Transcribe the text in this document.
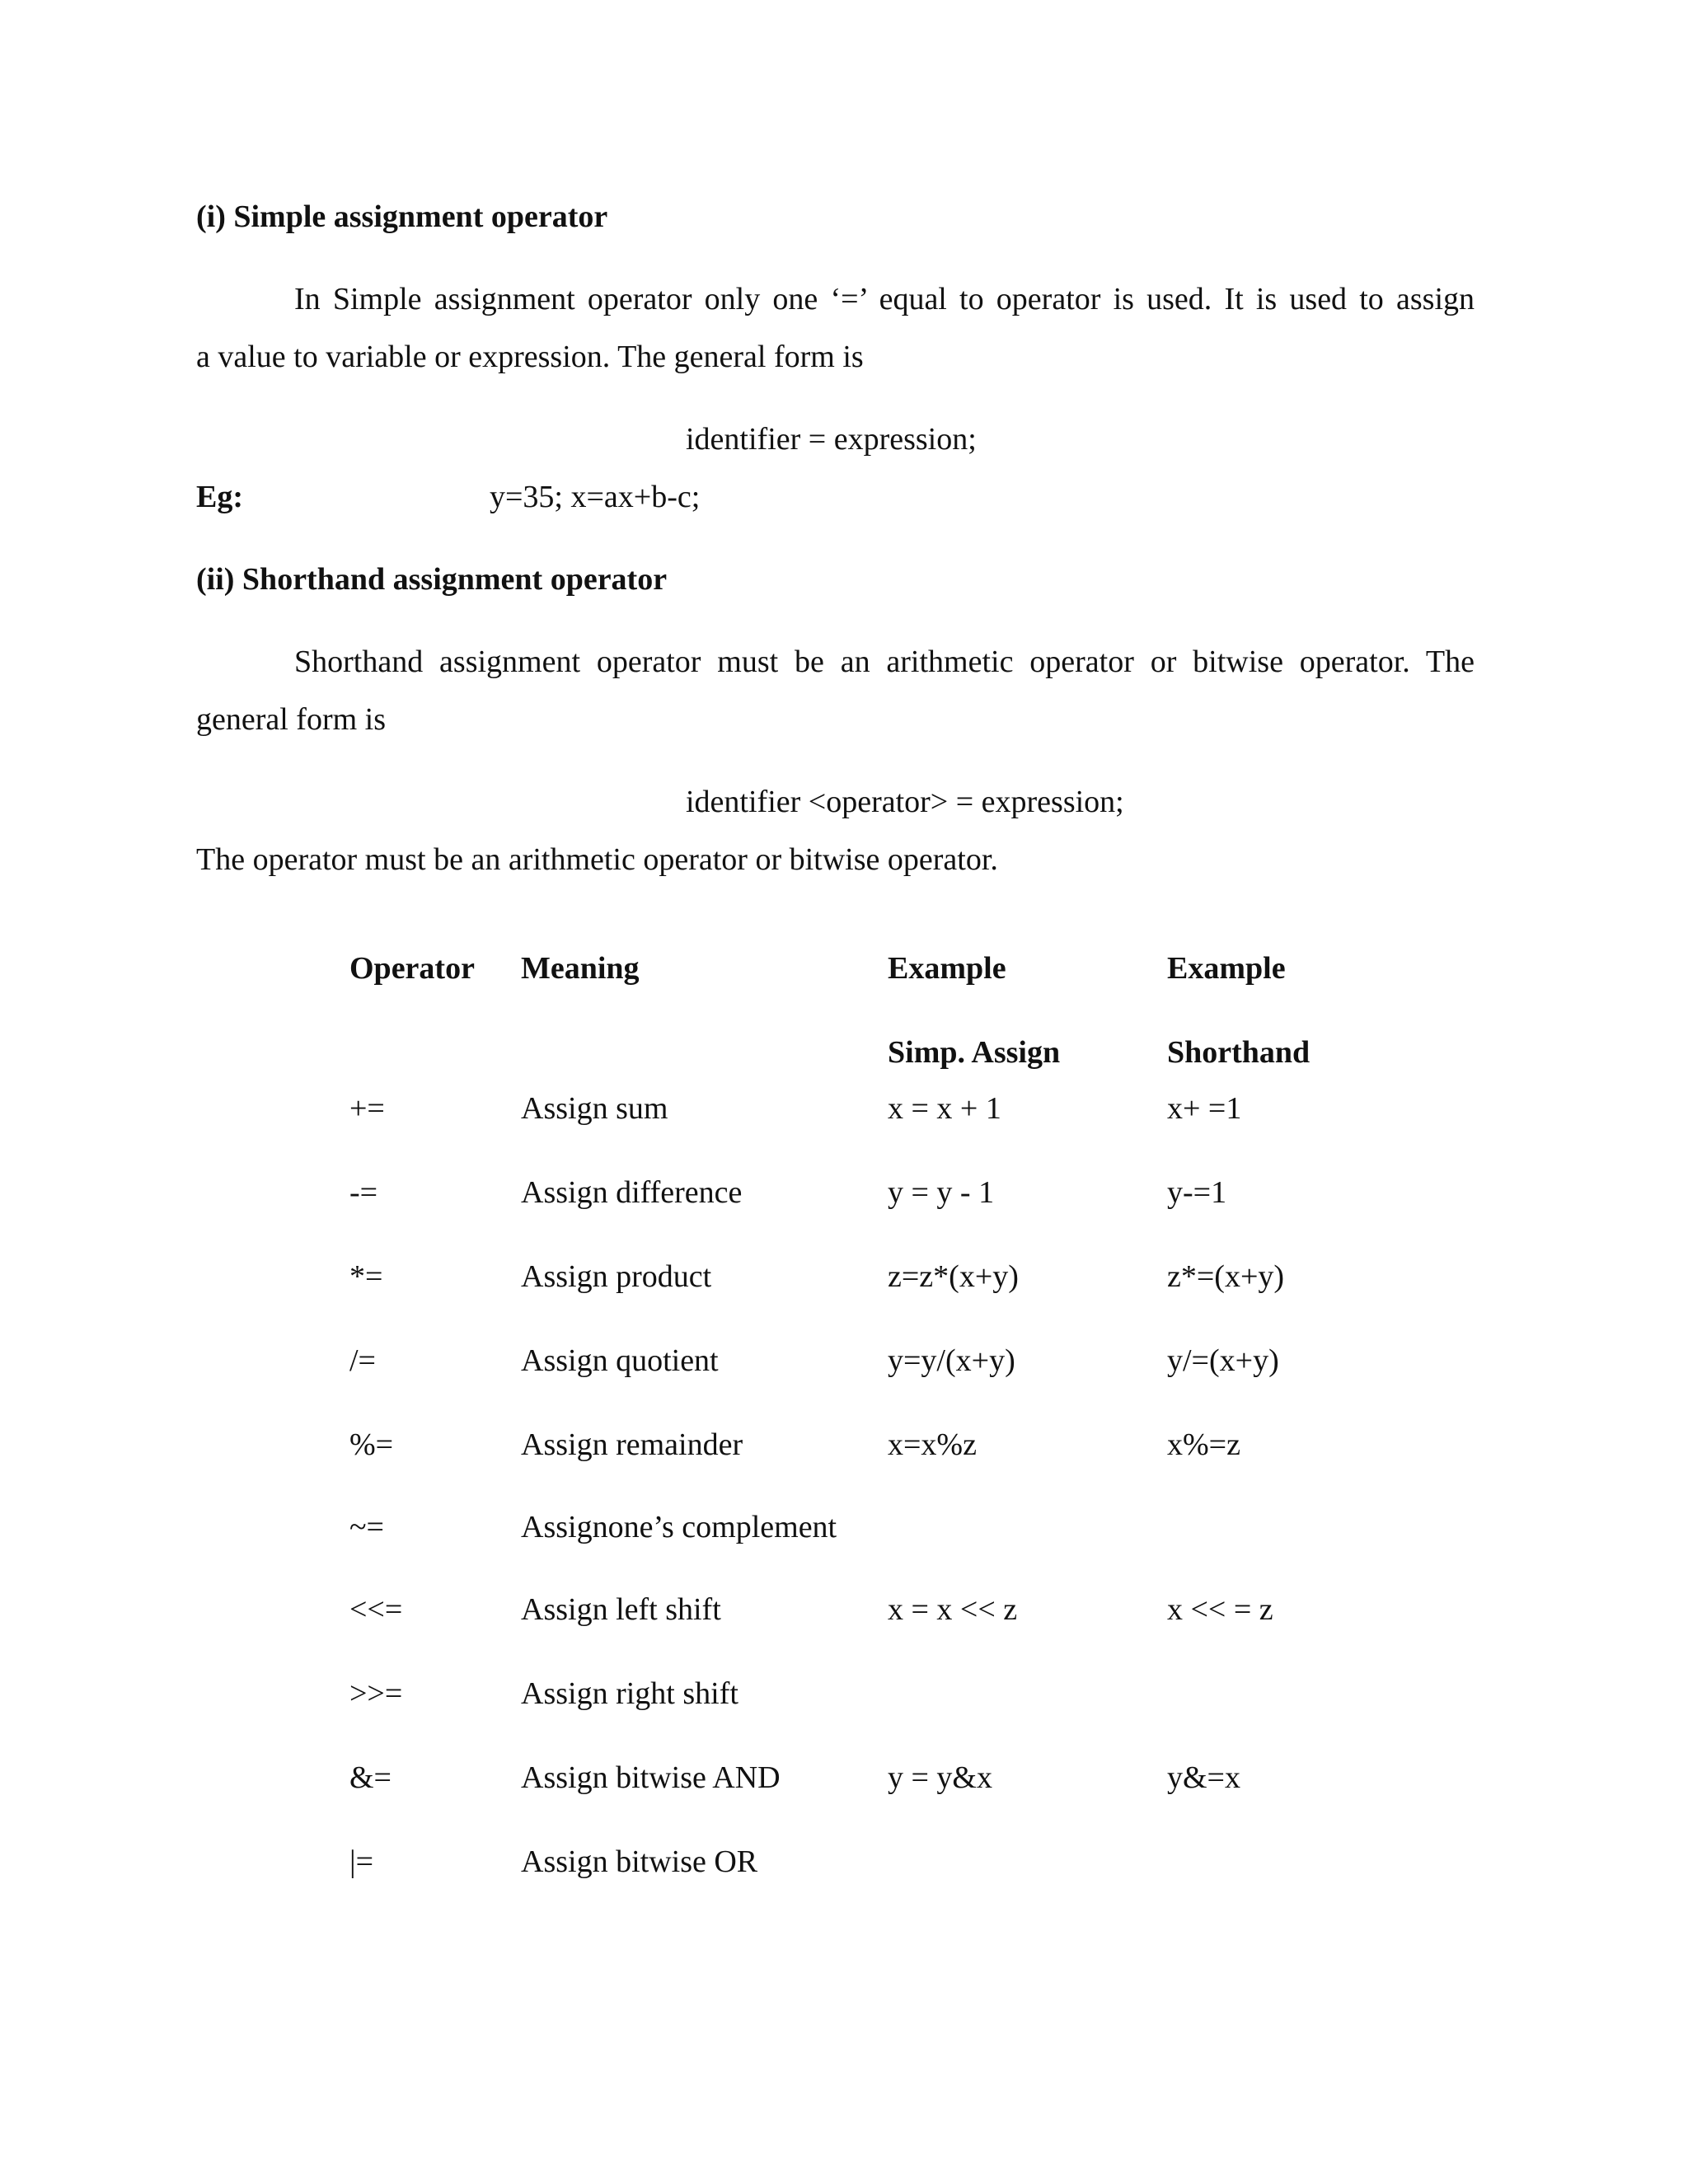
(i) Simple assignment operator
In Simple assignment operator only one ‘=’ equal to operator is used. It is used to assign
a value to variable or expression. The general form is
identifier = expression;
Eg:	y=35; x=ax+b-c;
(ii) Shorthand assignment operator
Shorthand assignment operator must be an arithmetic operator or bitwise operator. The
general form is
identifier <operator> = expression;
The operator must be an arithmetic operator or bitwise operator.
Operator Meaning	Example	Example
Simp. Assign	Shorthand
+=	Assign sum	x = x + 1	x+ =1
-=	Assign difference	y = y - 1	y-=1
*=	Assign product	z=z*(x+y)	z*=(x+y)
/=	Assign quotient	y=y/(x+y)	y/=(x+y)
%=	Assign remainder	x=x%z	x%=z
~=	Assignone’s complement
<<=	Assign left shift	x = x << z	x << = z
>>=	Assign right shift
&=	Assign bitwise AND	y = y&x	y&=x
|=	Assign bitwise OR
